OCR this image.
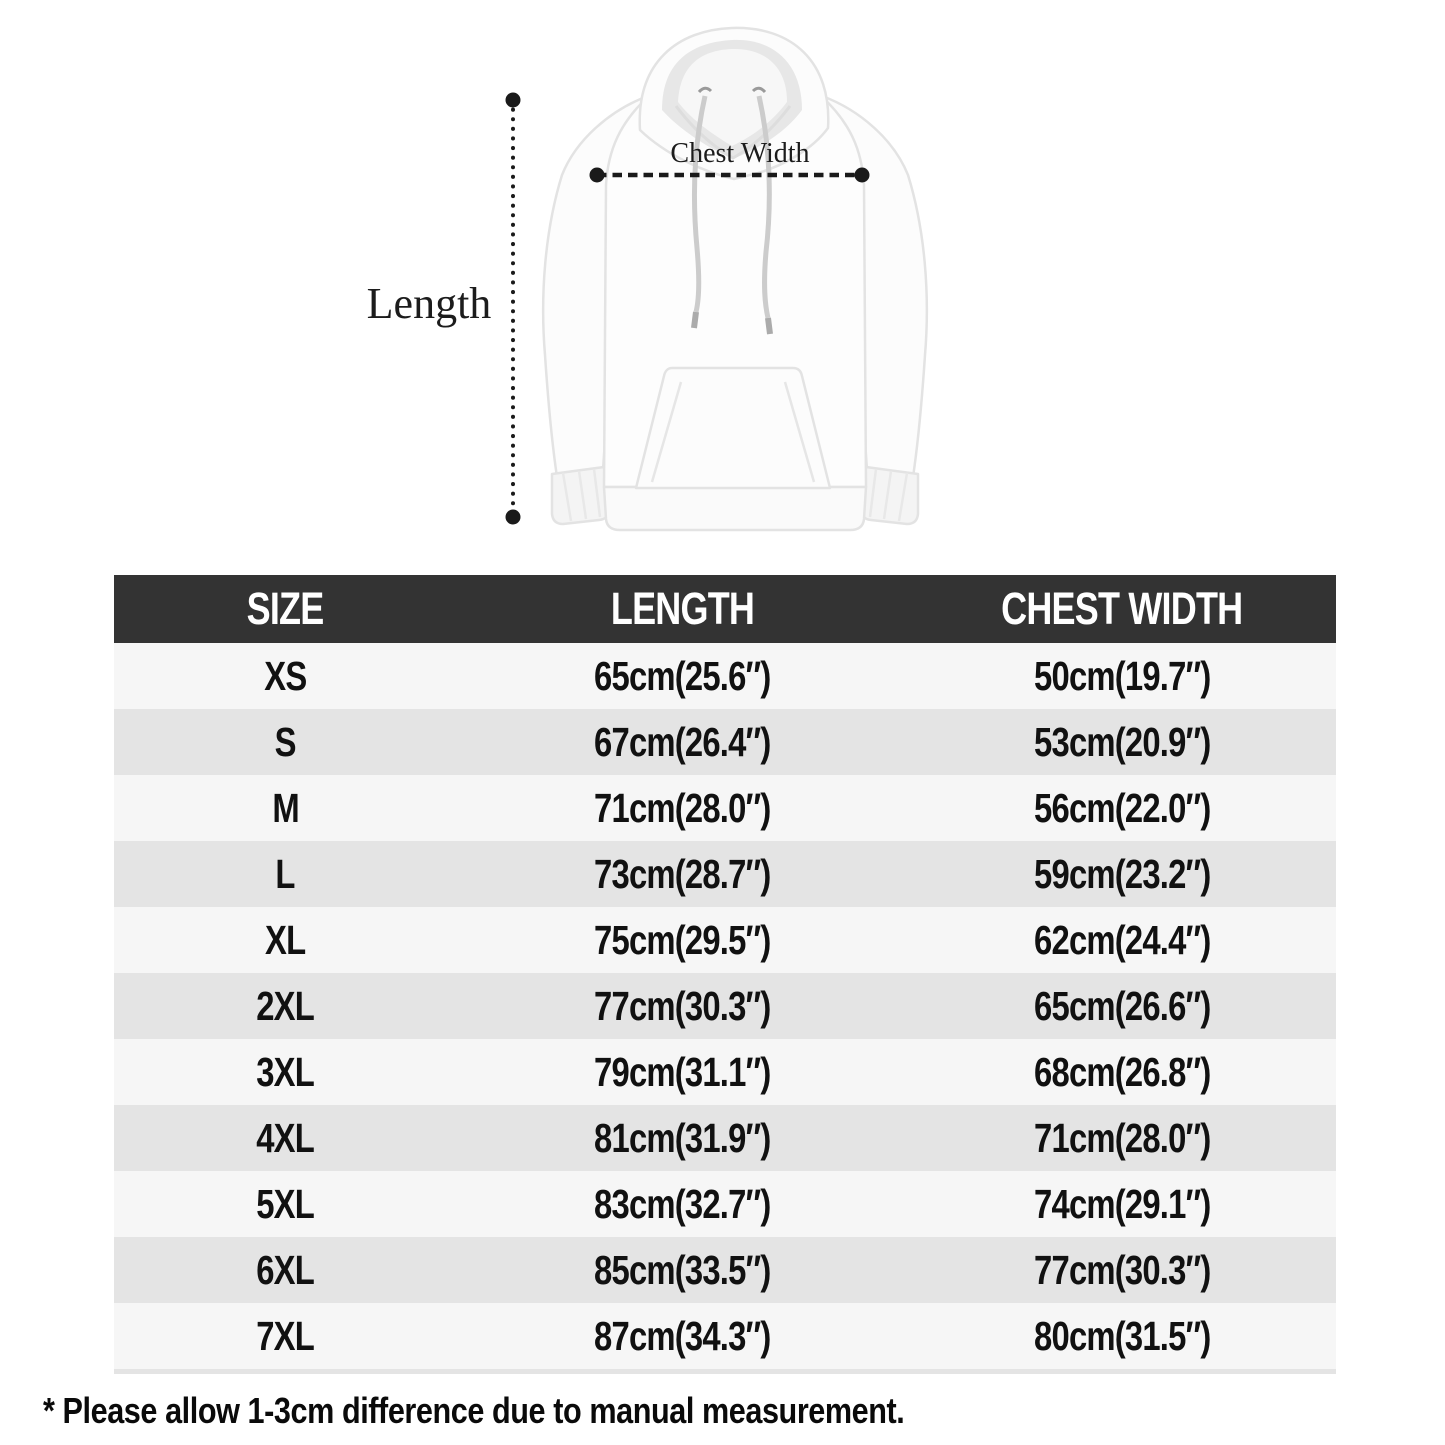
Length
Chest Width
SIZE	LENGTH	CHEST WIDTH
XS	65cm(25.6″)	50cm(19.7″)
S	67cm(26.4″)	53cm(20.9″)
M	71cm(28.0″)	56cm(22.0″)
L	73cm(28.7″)	59cm(23.2″)
XL	75cm(29.5″)	62cm(24.4″)
2XL	77cm(30.3″)	65cm(26.6″)
3XL	79cm(31.1″)	68cm(26.8″)
4XL	81cm(31.9″)	71cm(28.0″)
5XL	83cm(32.7″)	74cm(29.1″)
6XL	85cm(33.5″)	77cm(30.3″)
7XL	87cm(34.3″)	80cm(31.5″)
* Please allow 1-3cm difference due to manual measurement.
